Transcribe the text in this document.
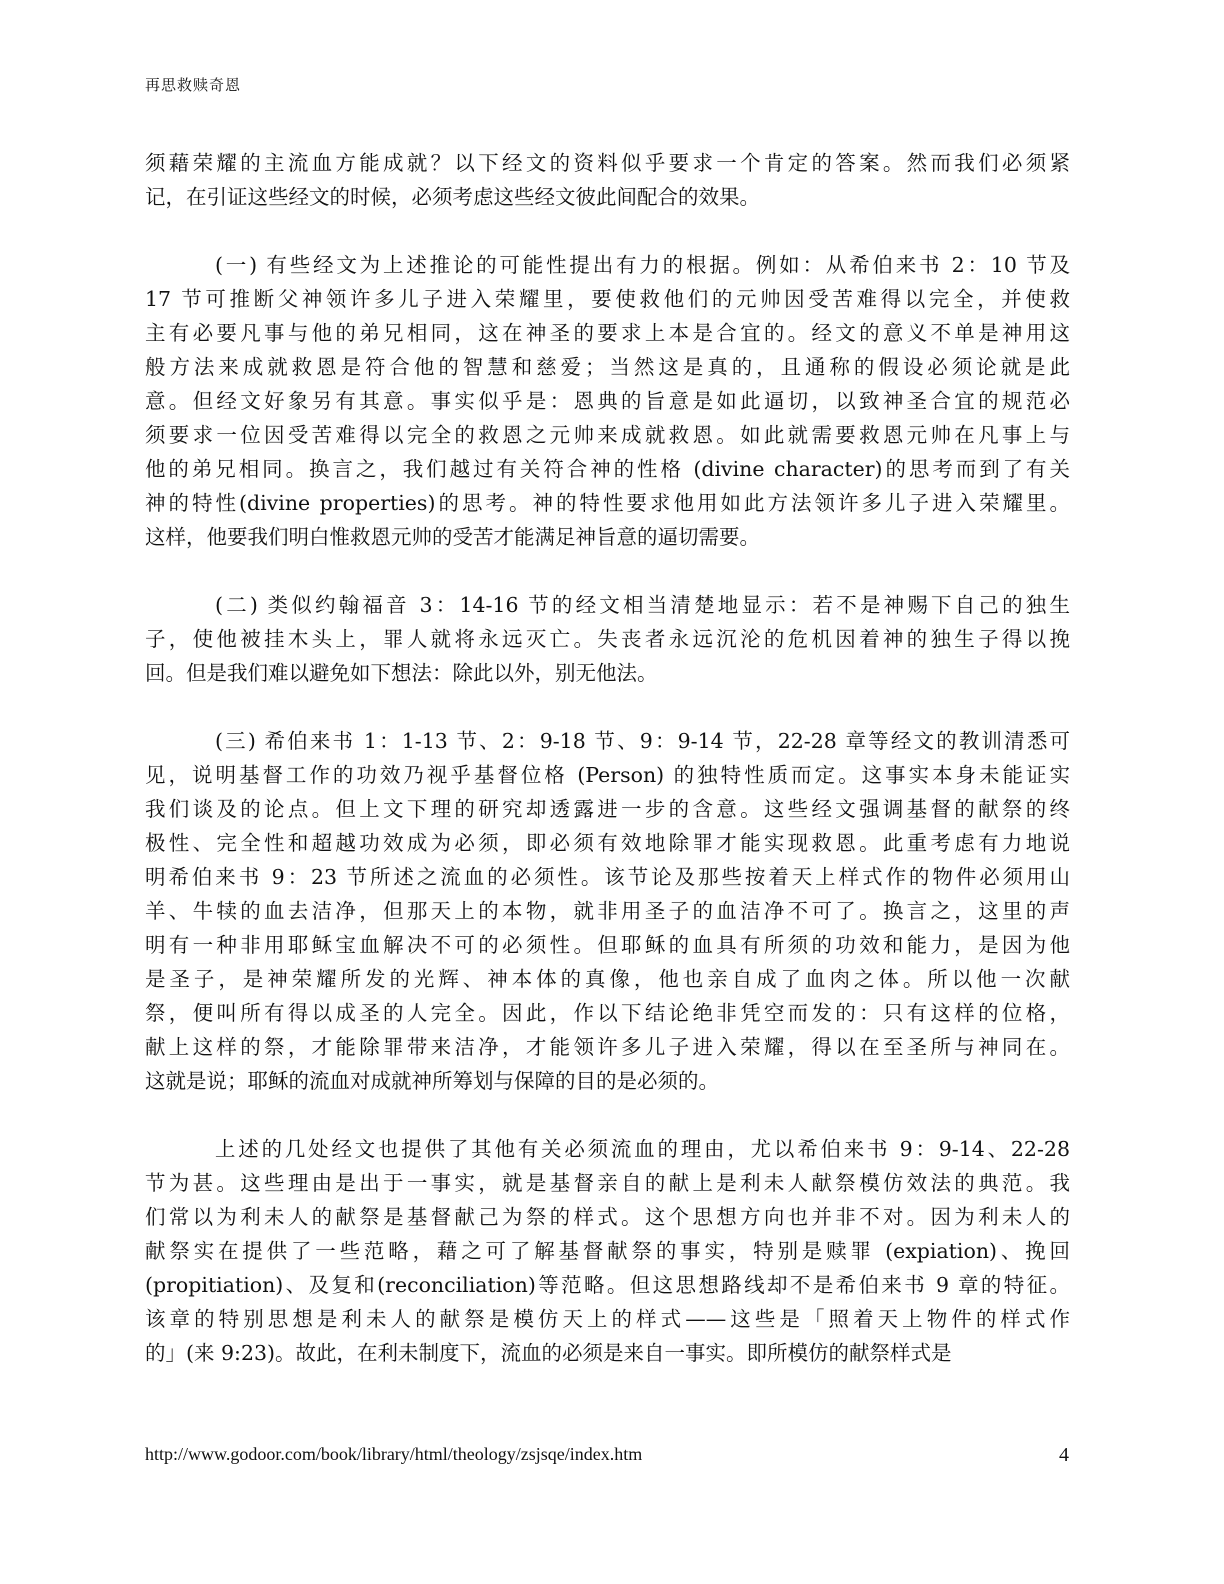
再思救赎奇恩
须藉荣耀的主流血方能成就？以下经文的资料似乎要求一个肯定的答案。然而我们必须紧
记，在引证这些经文的时候，必须考虑这些经文彼此间配合的效果。
(一) 有些经文为上述推论的可能性提出有力的根据。例如：从希伯来书 2：10 节及
17 节可推断父神领许多儿子进入荣耀里，要使救他们的元帅因受苦难得以完全，并使救
主有必要凡事与他的弟兄相同，这在神圣的要求上本是合宜的。经文的意义不单是神用这
般方法来成就救恩是符合他的智慧和慈爱；当然这是真的，且通称的假设必须论就是此
意。但经文好象另有其意。事实似乎是：恩典的旨意是如此逼切，以致神圣合宜的规范必
须要求一位因受苦难得以完全的救恩之元帅来成就救恩。如此就需要救恩元帅在凡事上与
他的弟兄相同。换言之，我们越过有关符合神的性格 (divine character)的思考而到了有关
神的特性(divine properties)的思考。神的特性要求他用如此方法领许多儿子进入荣耀里。
这样，他要我们明白惟救恩元帅的受苦才能满足神旨意的逼切需要。
(二) 类似约翰福音 3：14-16 节的经文相当清楚地显示：若不是神赐下自己的独生
子，使他被挂木头上，罪人就将永远灭亡。失丧者永远沉沦的危机因着神的独生子得以挽
回。但是我们难以避免如下想法：除此以外，别无他法。
(三) 希伯来书 1：1-13 节、2：9-18 节、9：9-14 节，22-28 章等经文的教训清悉可
见，说明基督工作的功效乃视乎基督位格 (Person) 的独特性质而定。这事实本身未能证实
我们谈及的论点。但上文下理的研究却透露进一步的含意。这些经文强调基督的献祭的终
极性、完全性和超越功效成为必须，即必须有效地除罪才能实现救恩。此重考虑有力地说
明希伯来书 9：23 节所述之流血的必须性。该节论及那些按着天上样式作的物件必须用山
羊、牛犊的血去洁净，但那天上的本物，就非用圣子的血洁净不可了。换言之，这里的声
明有一种非用耶稣宝血解决不可的必须性。但耶稣的血具有所须的功效和能力，是因为他
是圣子，是神荣耀所发的光辉、神本体的真像，他也亲自成了血肉之体。所以他一次献
祭，便叫所有得以成圣的人完全。因此，作以下结论绝非凭空而发的：只有这样的位格，
献上这样的祭，才能除罪带来洁净，才能领许多儿子进入荣耀，得以在至圣所与神同在。
这就是说；耶稣的流血对成就神所筹划与保障的目的是必须的。
上述的几处经文也提供了其他有关必须流血的理由，尤以希伯来书 9：9-14、22-28
节为甚。这些理由是出于一事实，就是基督亲自的献上是利未人献祭模仿效法的典范。我
们常以为利未人的献祭是基督献己为祭的样式。这个思想方向也并非不对。因为利未人的
献祭实在提供了一些范略，藉之可了解基督献祭的事实，特别是赎罪 (expiation)、挽回
(propitiation)、及复和(reconciliation)等范略。但这思想路线却不是希伯来书 9 章的特征。
该章的特别思想是利未人的献祭是模仿天上的样式——这些是「照着天上物件的样式作
的」(来 9:23)。故此，在利未制度下，流血的必须是来自一事实。即所模仿的献祭样式是
http://www.godoor.com/book/library/html/theology/zsjsqe/index.htm	4
